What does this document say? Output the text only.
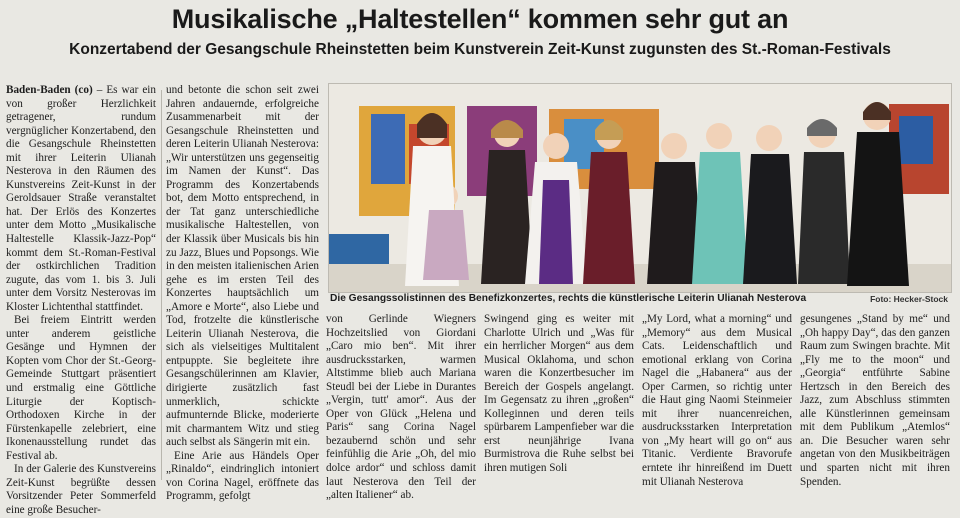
Musikalische „Haltestellen“ kommen sehr gut an
Konzertabend der Gesangschule Rheinstetten beim Kunstverein Zeit-Kunst zugunsten des St.-Roman-Festivals

Baden-Baden (co) – Es war ein von großer Herzlichkeit getragener, rundum vergnüglicher Konzertabend, den die Gesangschule Rheinstetten mit ihrer Leiterin Ulianah Nesterova in den Räumen des Kunstvereins Zeit-Kunst in der Geroldsauer Straße veranstaltet hat. Der Erlös des Konzertes unter dem Motto „Musikalische Haltestelle Klassik-Jazz-Pop“ kommt dem St.-Roman-Festival der ostkirchlichen Tradition zugute, das vom 1. bis 3. Juli unter dem Vorsitz Nesterovas im Kloster Lichtenthal stattfindet.

Bei freiem Eintritt werden unter anderem geistliche Gesänge und Hymnen der Kopten vom Chor der St.-Georg-Gemeinde Stuttgart präsentiert und erstmalig eine Göttliche Liturgie der Koptisch-Orthodoxen Kirche in der Fürstenkapelle zelebriert, eine Ikonenausstellung rundet das Festival ab.

In der Galerie des Kunstvereins Zeit-Kunst begrüßte dessen Vorsitzender Peter Sommerfeld eine große Besucher-

und betonte die schon seit zwei Jahren andauernde, erfolgreiche Zusammenarbeit mit der Gesangschule Rheinstetten und deren Leiterin Ulianah Nesterova: „Wir unterstützen uns gegenseitig im Namen der Kunst“. Das Programm des Konzertabends bot, dem Motto entsprechend, in der Tat ganz unterschiedliche musikalische Haltestellen, von der Klassik über Musicals bis hin zu Jazz, Blues und Popsongs. Wie in den meisten italienischen Arien gehe es im ersten Teil des Konzertes hauptsächlich um „Amore e Morte“, also Liebe und Tod, frotzelte die künstlerische Leiterin Ulianah Nesterova, die sich als vielseitiges Multitalent entpuppte. Sie begleitete ihre Gesangschülerinnen am Klavier, dirigierte zusätzlich fast unmerklich, schickte aufmunternde Blicke, moderierte mit charmantem Witz und stieg auch selbst als Sängerin mit ein.

Eine Arie aus Händels Oper „Rinaldo“, eindringlich intoniert von Corina Nagel, eröffnete das Programm, gefolgt

Die Gesangssolistinnen des Benefizkonzertes, rechts die künstlerische Leiterin Ulianah Nesterova	Foto: Hecker-Stock

von Gerlinde Wiegners Hochzeitslied von Giordani „Caro mio ben“. Mit ihrer ausdrucksstarken, warmen Altstimme blieb auch Mariana Steudl bei der Liebe in Durantes „Vergin, tutt' amor“. Aus der Oper von Glück „Helena und Paris“ sang Corina Nagel bezaubernd schön und sehr feinfühlig die Arie „Oh, del mio dolce ardor“ und schloss damit laut Nesterova den Teil der „alten Italiener“ ab.

Swingend ging es weiter mit Charlotte Ulrich und „Was für ein herrlicher Morgen“ aus dem Musical Oklahoma, und schon waren die Konzertbesucher im Bereich der Gospels angelangt. Im Gegensatz zu ihren „großen“ Kolleginnen und deren teils spürbarem Lampenfieber war die erst neunjährige Ivana Burmistrova die Ruhe selbst bei ihren mutigen Soli

„My Lord, what a morning“ und „Memory“ aus dem Musical Cats. Leidenschaftlich und emotional erklang von Corina Nagel die „Habanera“ aus der Oper Carmen, so richtig unter die Haut ging Naomi Steinmeier mit ihrer nuancenreichen, ausdrucksstarken Interpretation von „My heart will go on“ aus Titanic. Verdiente Bravorufe erntete ihr hinreißend im Duett mit Ulianah Nesterova

gesungenes „Stand by me“ und „Oh happy Day“, das den ganzen Raum zum Swingen brachte. Mit „Fly me to the moon“ und „Georgia“ entführte Sabine Hertzsch in den Bereich des Jazz, zum Abschluss stimmten alle Künstlerinnen gemeinsam mit dem Publikum „Atemlos“ an. Die Besucher waren sehr angetan von den Musikbeiträgen und sparten nicht mit ihren Spenden.
